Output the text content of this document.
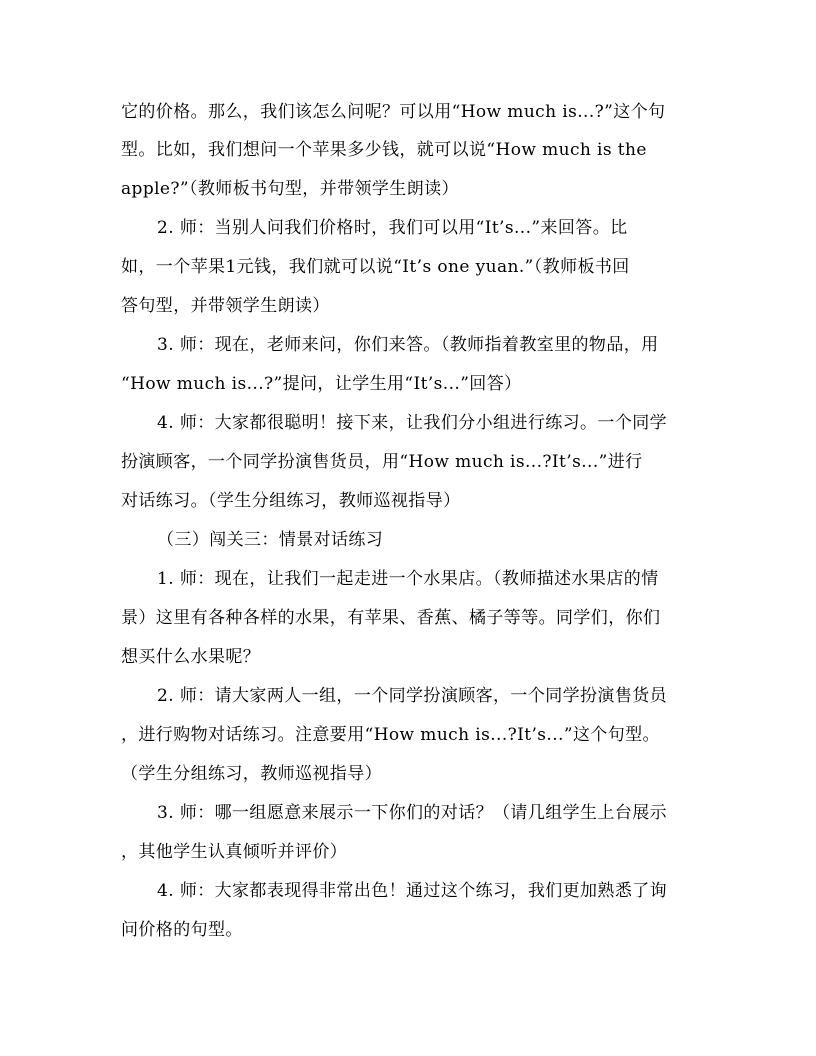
它的价格。那么，我们该怎么问呢？可以用“How much is...?”这个句
型。比如，我们想问一个苹果多少钱，就可以说“How much is the
apple?”（教师板书句型，并带领学生朗读）
2. 师：当别人问我们价格时，我们可以用“It’s...”来回答。比
如，一个苹果1元钱，我们就可以说“It’s one yuan.”（教师板书回
答句型，并带领学生朗读）
3. 师：现在，老师来问，你们来答。（教师指着教室里的物品，用
“How much is...?”提问，让学生用“It’s...”回答）
4. 师：大家都很聪明！接下来，让我们分小组进行练习。一个同学
扮演顾客，一个同学扮演售货员，用“How much is...?It’s...”进行
对话练习。（学生分组练习，教师巡视指导）
（三）闯关三：情景对话练习
1. 师：现在，让我们一起走进一个水果店。（教师描述水果店的情
景）这里有各种各样的水果，有苹果、香蕉、橘子等等。同学们，你们
想买什么水果呢？
2. 师：请大家两人一组，一个同学扮演顾客，一个同学扮演售货员
，进行购物对话练习。注意要用“How much is...?It’s...”这个句型。
（学生分组练习，教师巡视指导）
3. 师：哪一组愿意来展示一下你们的对话？（请几组学生上台展示
，其他学生认真倾听并评价）
4. 师：大家都表现得非常出色！通过这个练习，我们更加熟悉了询
问价格的句型。
